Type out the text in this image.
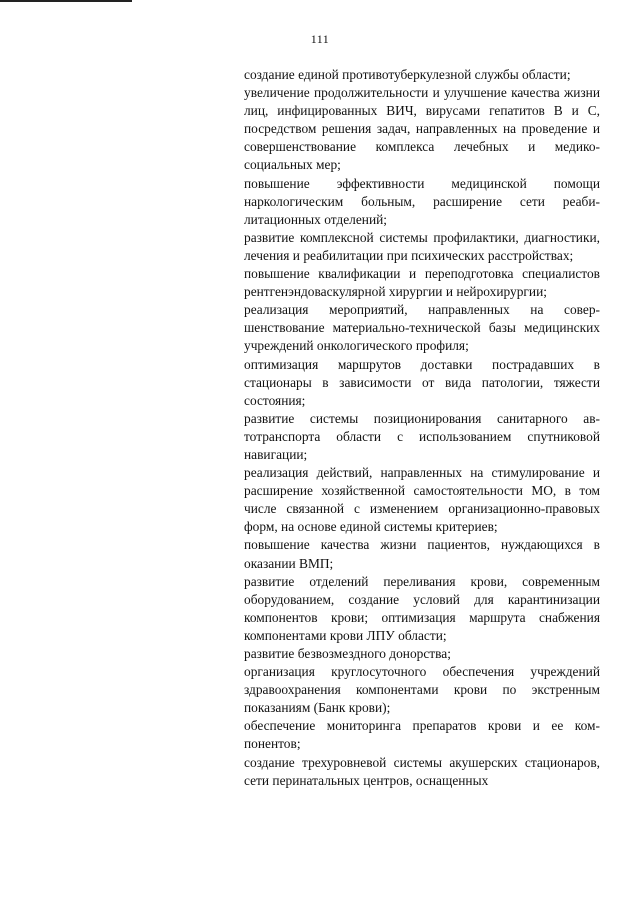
111

создание единой противотуберкулезной службы области;

увеличение продолжительности и улучшение качества жизни лиц, инфицированных ВИЧ, вирусами гепатитов В и С, посредством решения задач, направленных на проведение и совершенствование комплекса лечебных и медико-социальных мер;

повышение эффективности медицинской помощи наркологическим больным, расширение сети реабилитационных отделений;

развитие комплексной системы профилактики, диагностики, лечения и реабилитации при психических расстройствах;

повышение квалификации и переподготовка специалистов рентгенэндоваскулярной хирургии и нейрохирургии;

реализация мероприятий, направленных на совершенствование материально-технической базы медицинских учреждений онкологического профиля;

оптимизация маршрутов доставки пострадавших в стационары в зависимости от вида патологии, тяжести состояния;

развитие системы позиционирования санитарного автотранспорта области с использованием спутниковой навигации;

реализация действий, направленных на стимулирование и расширение хозяйственной самостоятельности МО, в том числе связанной с изменением организационно-правовых форм, на основе единой системы критериев;

повышение качества жизни пациентов, нуждающихся в оказании ВМП;

развитие отделений переливания крови, современным оборудованием, создание условий для карантинизации компонентов крови; оптимизация маршрута снабжения компонентами крови ЛПУ области;

развитие безвозмездного донорства;

организация круглосуточного обеспечения учреждений здравоохранения компонентами крови по экстренным показаниям (Банк крови);

обеспечение мониторинга препаратов крови и ее компонентов;

создание трехуровневой системы акушерских стационаров, сети перинатальных центров, оснащенных
